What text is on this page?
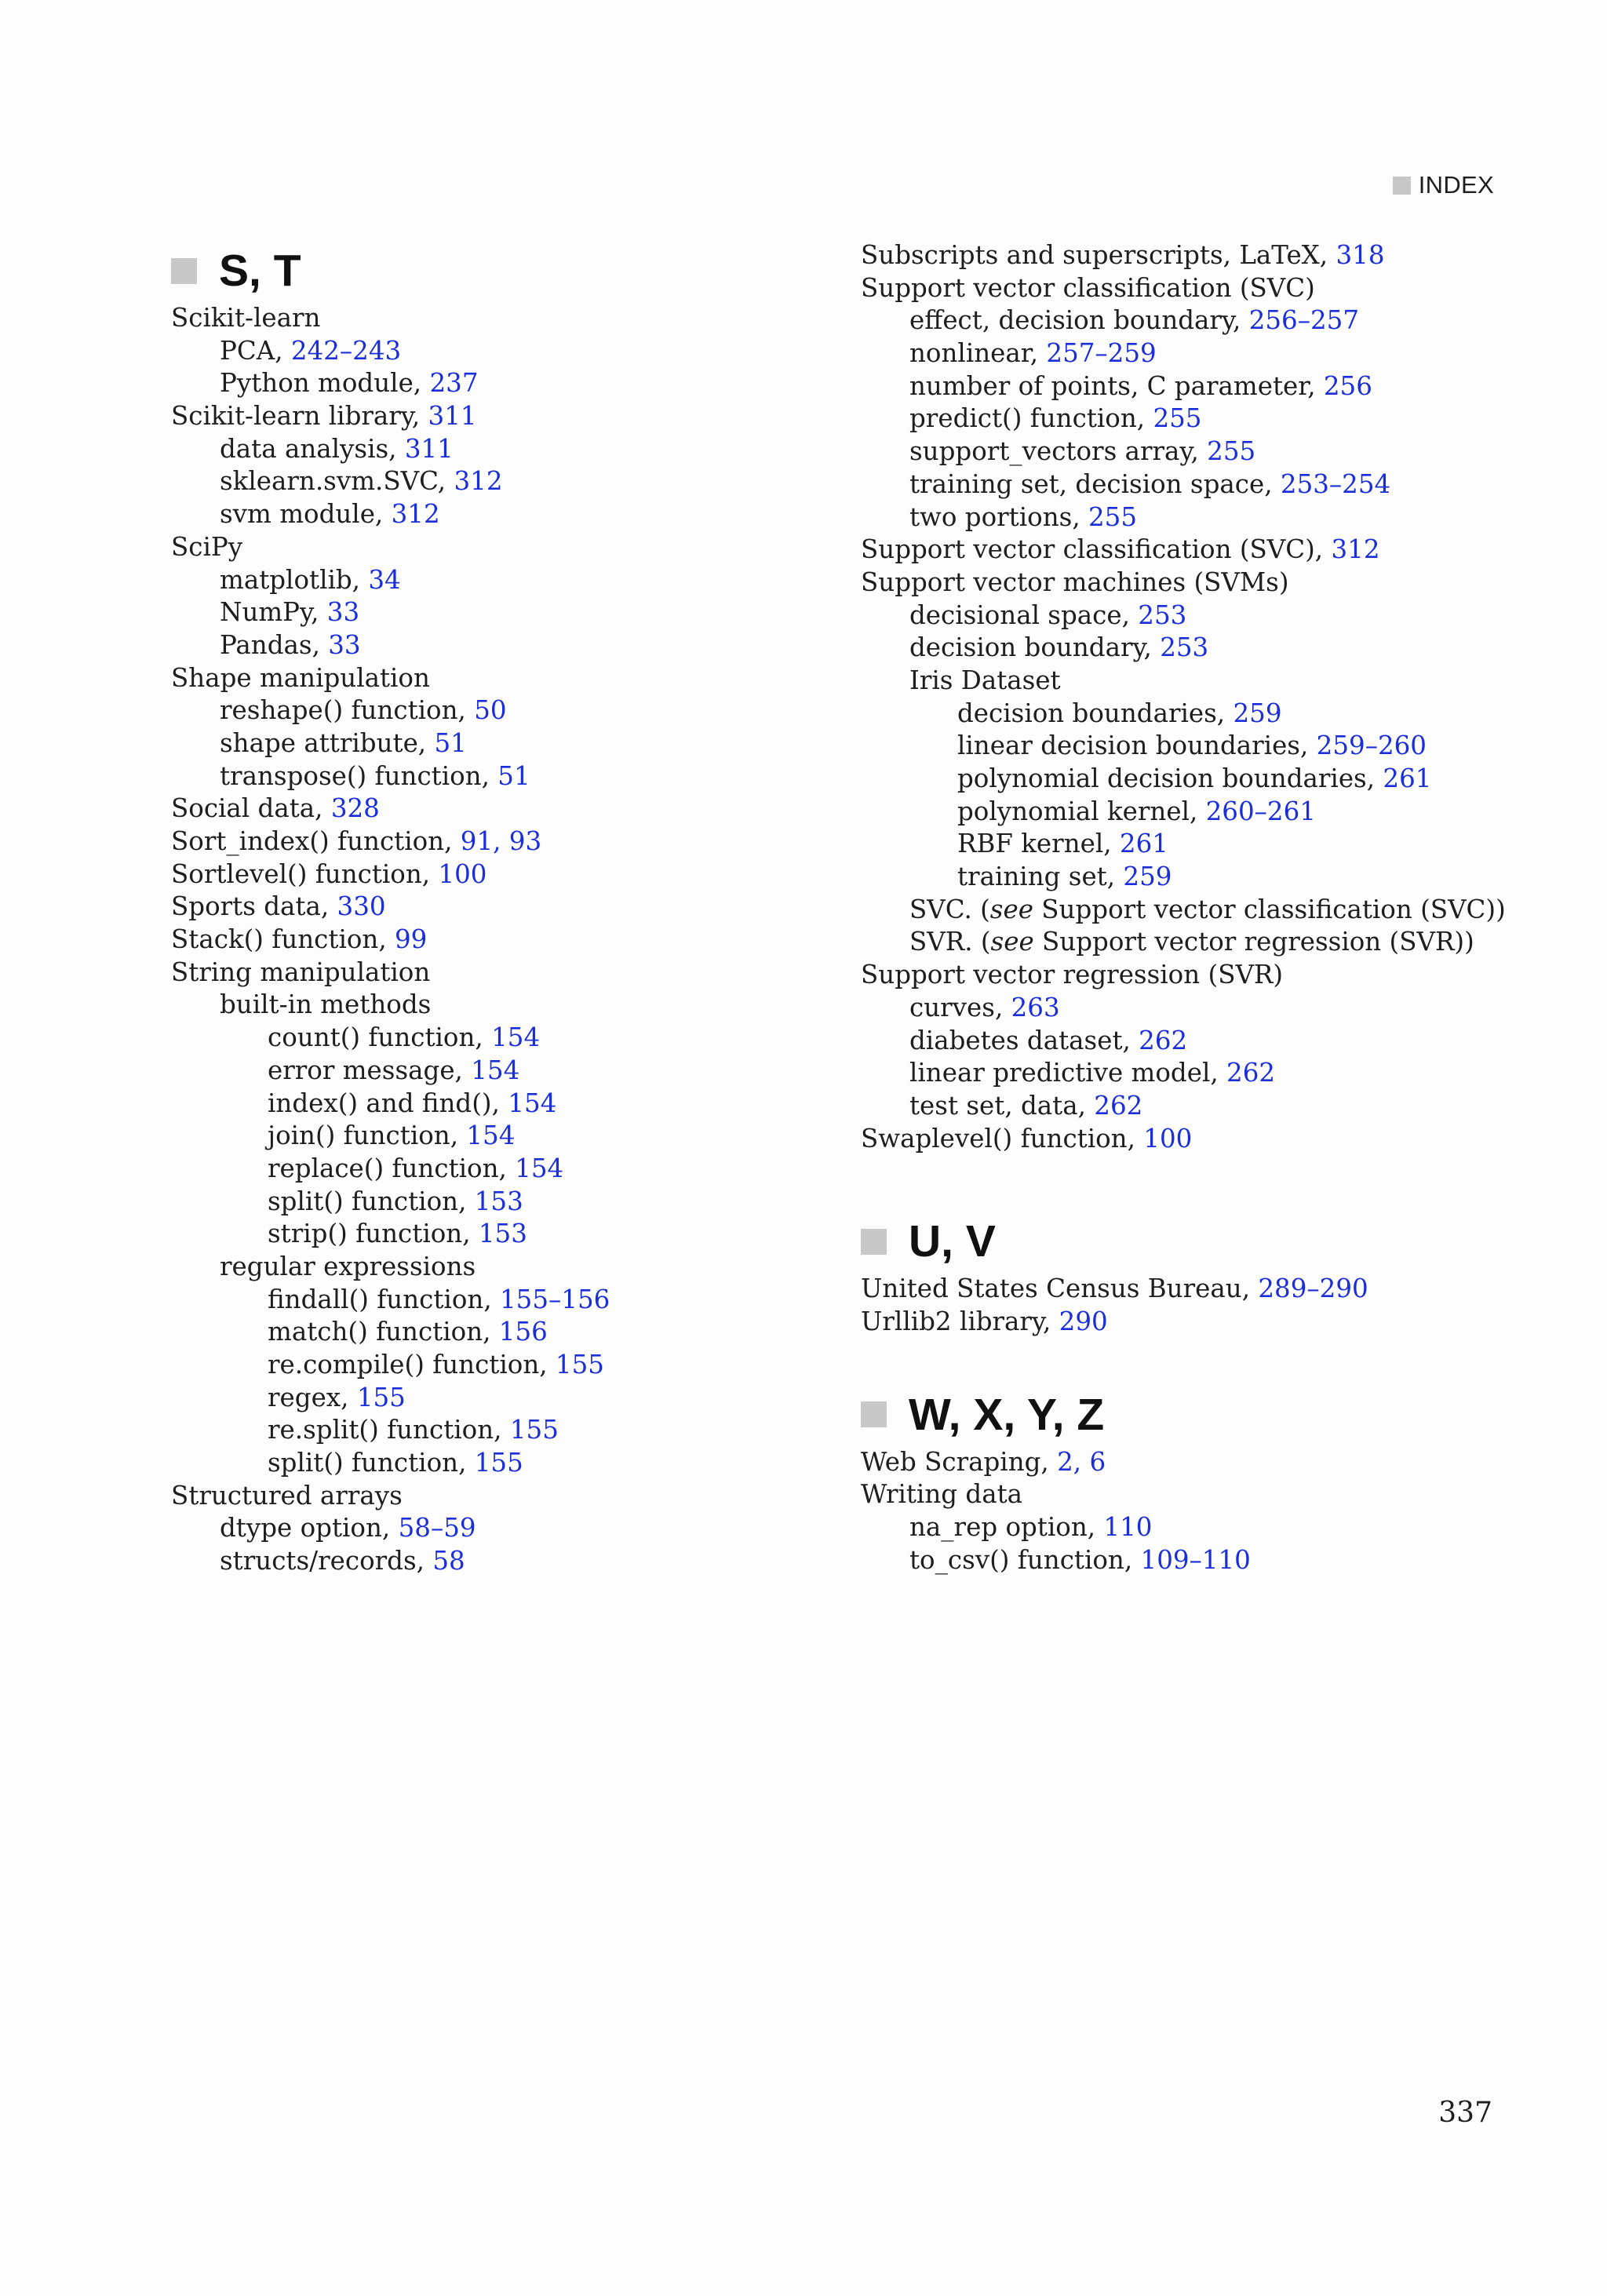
INDEX
S, T
Scikit-learn
PCA, 242–243
Python module, 237
Scikit-learn library, 311
data analysis, 311
sklearn.svm.SVC, 312
svm module, 312
SciPy
matplotlib, 34
NumPy, 33
Pandas, 33
Shape manipulation
reshape() function, 50
shape attribute, 51
transpose() function, 51
Social data, 328
Sort_index() function, 91, 93
Sortlevel() function, 100
Sports data, 330
Stack() function, 99
String manipulation
built-in methods
count() function, 154
error message, 154
index() and find(), 154
join() function, 154
replace() function, 154
split() function, 153
strip() function, 153
regular expressions
findall() function, 155–156
match() function, 156
re.compile() function, 155
regex, 155
re.split() function, 155
split() function, 155
Structured arrays
dtype option, 58–59
structs/records, 58
Subscripts and superscripts, LaTeX, 318
Support vector classification (SVC)
effect, decision boundary, 256–257
nonlinear, 257–259
number of points, C parameter, 256
predict() function, 255
support_vectors array, 255
training set, decision space, 253–254
two portions, 255
Support vector classification (SVC), 312
Support vector machines (SVMs)
decisional space, 253
decision boundary, 253
Iris Dataset
decision boundaries, 259
linear decision boundaries, 259–260
polynomial decision boundaries, 261
polynomial kernel, 260–261
RBF kernel, 261
training set, 259
SVC. (see Support vector classification (SVC))
SVR. (see Support vector regression (SVR))
Support vector regression (SVR)
curves, 263
diabetes dataset, 262
linear predictive model, 262
test set, data, 262
Swaplevel() function, 100
U, V
United States Census Bureau, 289–290
Urllib2 library, 290
W, X, Y, Z
Web Scraping, 2, 6
Writing data
na_rep option, 110
to_csv() function, 109–110
337
